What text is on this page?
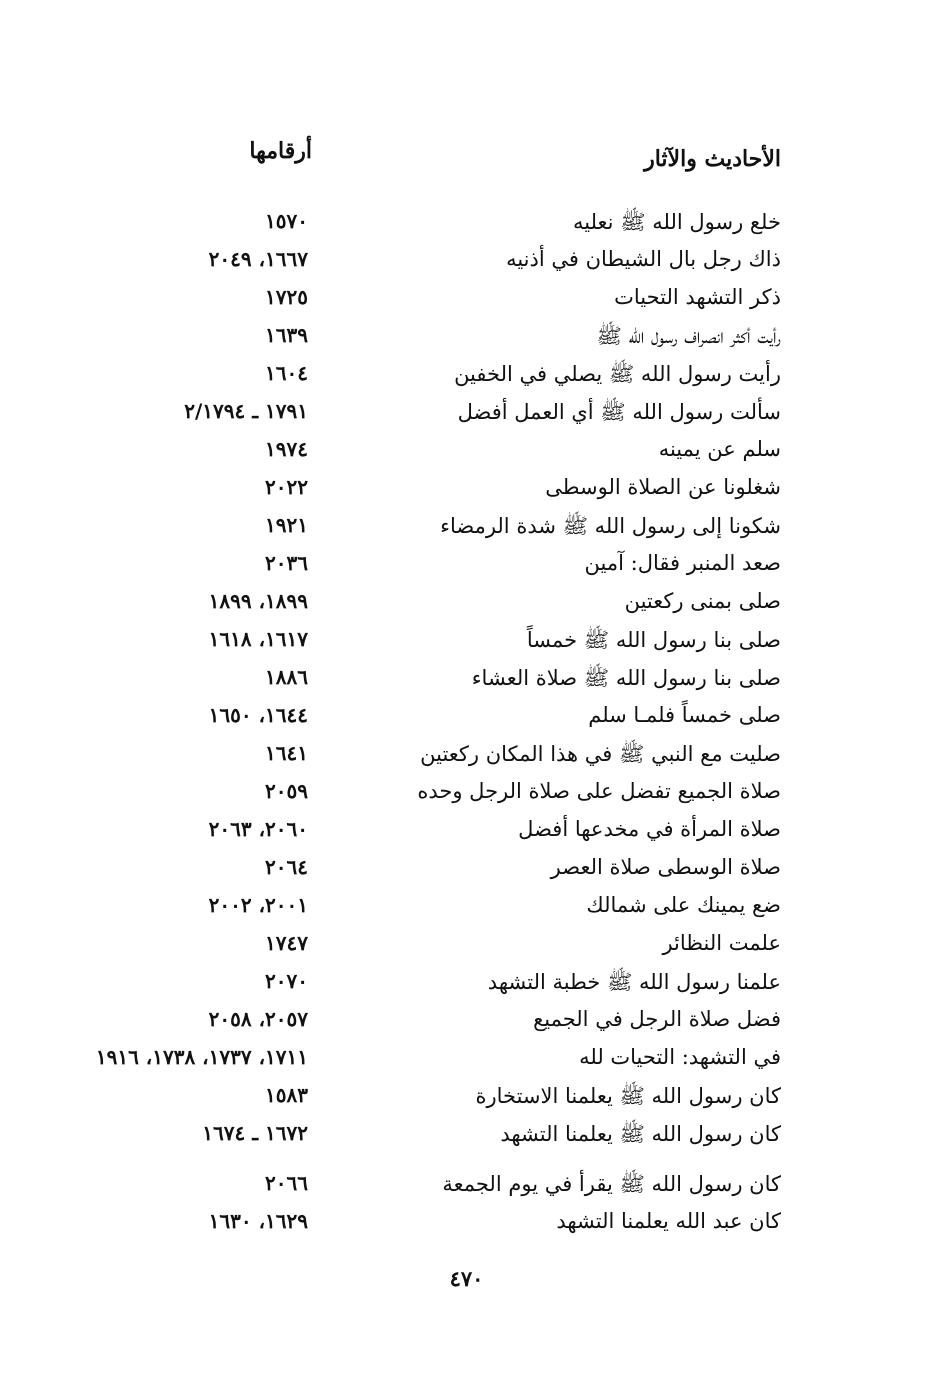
الأحاديث والآثار
أرقامها
خلع رسول الله ﷺ نعليه
١٥٧٠
ذاك رجل بال الشيطان في أذنيه
١٦٦٧، ٢٠٤٩
ذكر التشهد التحيات
١٧٢٥
رأيت أكثر انصراف رسول الله ﷺ
١٦٣٩
رأيت رسول الله ﷺ يصلي في الخفين
١٦٠٤
سألت رسول الله ﷺ أي العمل أفضل
١٧٩١ ـ ٢/١٧٩٤
سلم عن يمينه
١٩٧٤
شغلونا عن الصلاة الوسطى
٢٠٢٢
شكونا إلى رسول الله ﷺ شدة الرمضاء
١٩٢١
صعد المنبر فقال: آمين
٢٠٣٦
صلى بمنى ركعتين
١٨٩٩، ١٨٩٩
صلى بنا رسول الله ﷺ خمساً
١٦١٧، ١٦١٨
صلى بنا رسول الله ﷺ صلاة العشاء
١٨٨٦
صلى خمساً فلمـا سلم
١٦٤٤، ١٦٥٠
صليت مع النبي ﷺ في هذا المكان ركعتين
١٦٤١
صلاة الجميع تفضل على صلاة الرجل وحده
٢٠٥٩
صلاة المرأة في مخدعها أفضل
٢٠٦٠، ٢٠٦٣
صلاة الوسطى صلاة العصر
٢٠٦٤
ضع يمينك على شمالك
٢٠٠١، ٢٠٠٢
علمت النظائر
١٧٤٧
علمنا رسول الله ﷺ خطبة التشهد
٢٠٧٠
فضل صلاة الرجل في الجميع
٢٠٥٧، ٢٠٥٨
في التشهد: التحيات لله
١٧١١، ١٧٣٧، ١٧٣٨، ١٩١٦
كان رسول الله ﷺ يعلمنا الاستخارة
١٥٨٣
كان رسول الله ﷺ يعلمنا التشهد
١٦٧٢ ـ ١٦٧٤
كان رسول الله ﷺ يقرأ في يوم الجمعة
٢٠٦٦
كان عبد الله يعلمنا التشهد
١٦٢٩، ١٦٣٠
٤٧٠
